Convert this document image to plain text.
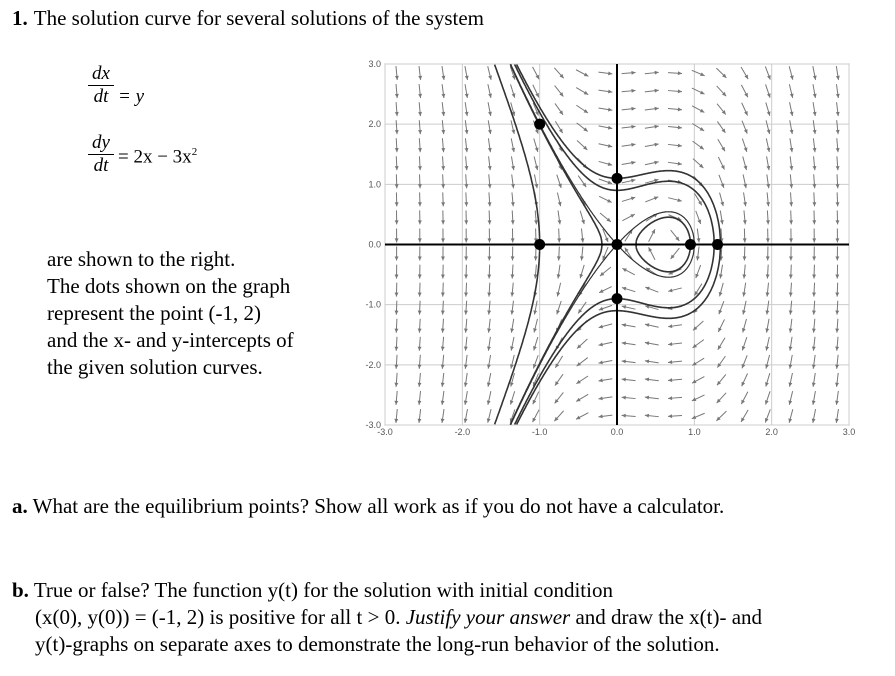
1. The solution curve for several solutions of the system
$\frac{dx}{dt} = y$
$\frac{dy}{dt} = 2x - 3x^2$
are shown to the right.
The dots shown on the graph
represent the point (-1, 2)
and the x- and y-intercepts of
the given solution curves.
-3.0	-2.0	-1.0	0.0	1.0	2.0	3.0
3.0
2.0
1.0
0.0
-1.0
-2.0
-3.0
a. What are the equilibrium points? Show all work as if you do not have a calculator.
b. True or false? The function y(t) for the solution with initial condition
(x(0), y(0)) = (-1, 2) is positive for all t > 0. Justify your answer and draw the x(t)- and
y(t)-graphs on separate axes to demonstrate the long-run behavior of the solution.
